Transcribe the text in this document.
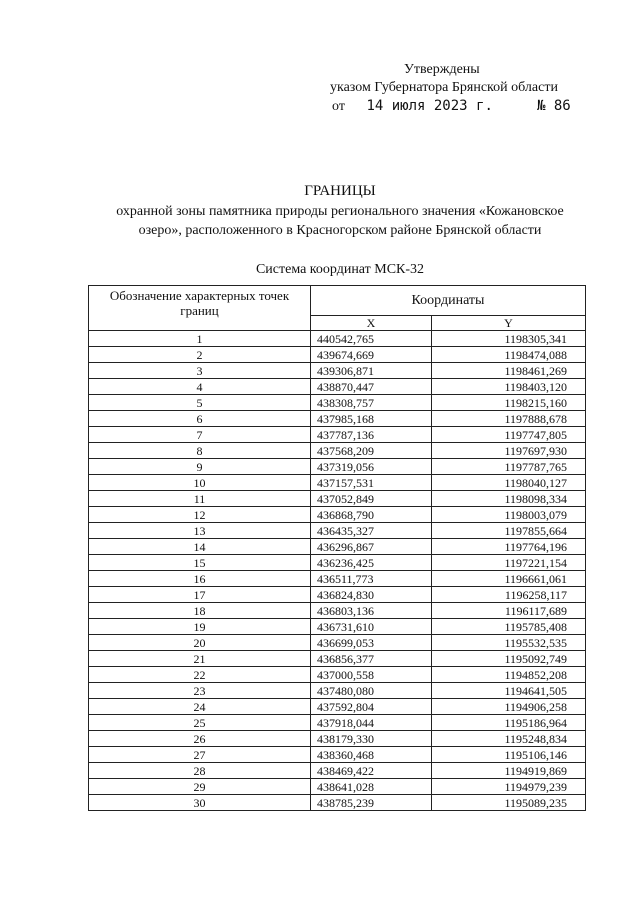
Утверждены
указом Губернатора Брянской области
от 14 июля 2023 г.	№ 86
ГРАНИЦЫ
охранной зоны памятника природы регионального значения «Кожановское
озеро», расположенного в Красногорском районе Брянской области
Система координат МСК-32
Обозначение характерных точек границ	Координаты	
	X	Y
1	440542,765	1198305,341
2	439674,669	1198474,088
3	439306,871	1198461,269
4	438870,447	1198403,120
5	438308,757	1198215,160
6	437985,168	1197888,678
7	437787,136	1197747,805
8	437568,209	1197697,930
9	437319,056	1197787,765
10	437157,531	1198040,127
11	437052,849	1198098,334
12	436868,790	1198003,079
13	436435,327	1197855,664
14	436296,867	1197764,196
15	436236,425	1197221,154
16	436511,773	1196661,061
17	436824,830	1196258,117
18	436803,136	1196117,689
19	436731,610	1195785,408
20	436699,053	1195532,535
21	436856,377	1195092,749
22	437000,558	1194852,208
23	437480,080	1194641,505
24	437592,804	1194906,258
25	437918,044	1195186,964
26	438179,330	1195248,834
27	438360,468	1195106,146
28	438469,422	1194919,869
29	438641,028	1194979,239
30	438785,239	1195089,235
